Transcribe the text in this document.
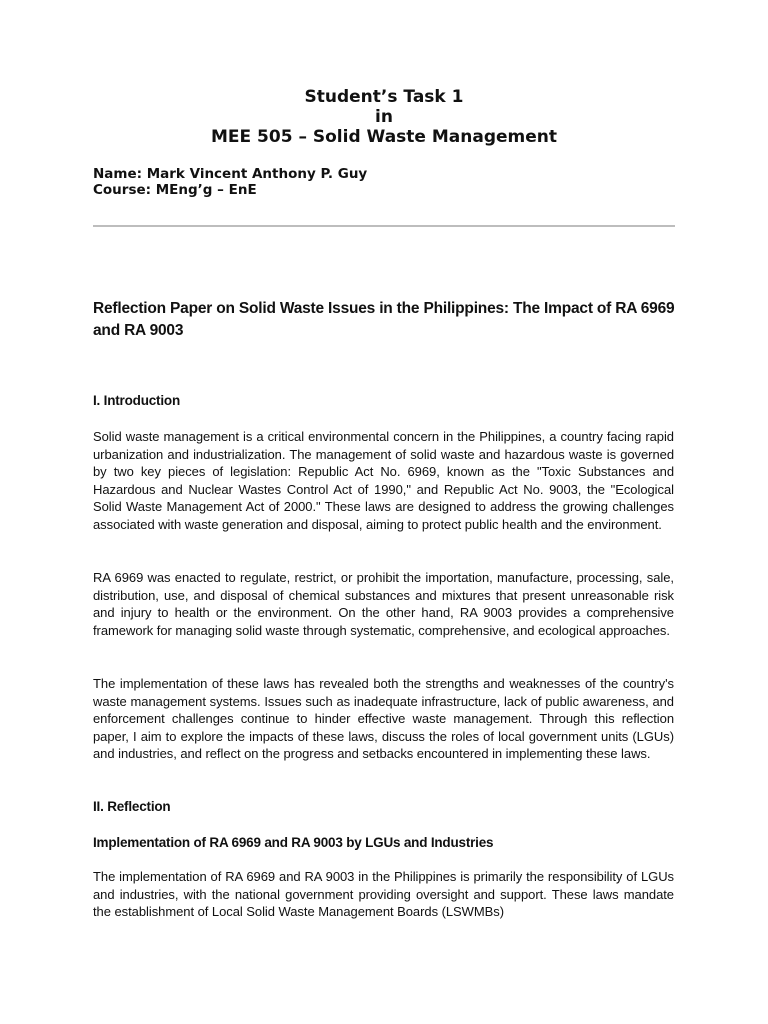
Student’s Task 1

in

MEE 505 – Solid Waste Management

Name: Mark Vincent Anthony P. Guy

Course: MEng’g – EnE

Reflection Paper on Solid Waste Issues in the Philippines: The Impact of RA 6969 and RA 9003

I. Introduction

Solid waste management is a critical environmental concern in the Philippines, a country facing rapid urbanization and industrialization. The management of solid waste and hazardous waste is governed by two key pieces of legislation: Republic Act No. 6969, known as the "Toxic Substances and Hazardous and Nuclear Wastes Control Act of 1990," and Republic Act No. 9003, the "Ecological Solid Waste Management Act of 2000." These laws are designed to address the growing challenges associated with waste generation and disposal, aiming to protect public health and the environment.

RA 6969 was enacted to regulate, restrict, or prohibit the importation, manufacture, processing, sale, distribution, use, and disposal of chemical substances and mixtures that present unreasonable risk and injury to health or the environment. On the other hand, RA 9003 provides a comprehensive framework for managing solid waste through systematic, comprehensive, and ecological approaches.

The implementation of these laws has revealed both the strengths and weaknesses of the country's waste management systems. Issues such as inadequate infrastructure, lack of public awareness, and enforcement challenges continue to hinder effective waste management. Through this reflection paper, I aim to explore the impacts of these laws, discuss the roles of local government units (LGUs) and industries, and reflect on the progress and setbacks encountered in implementing these laws.

II. Reflection

Implementation of RA 6969 and RA 9003 by LGUs and Industries

The implementation of RA 6969 and RA 9003 in the Philippines is primarily the responsibility of LGUs and industries, with the national government providing oversight and support. These laws mandate the establishment of Local Solid Waste Management Boards (LSWMBs)
